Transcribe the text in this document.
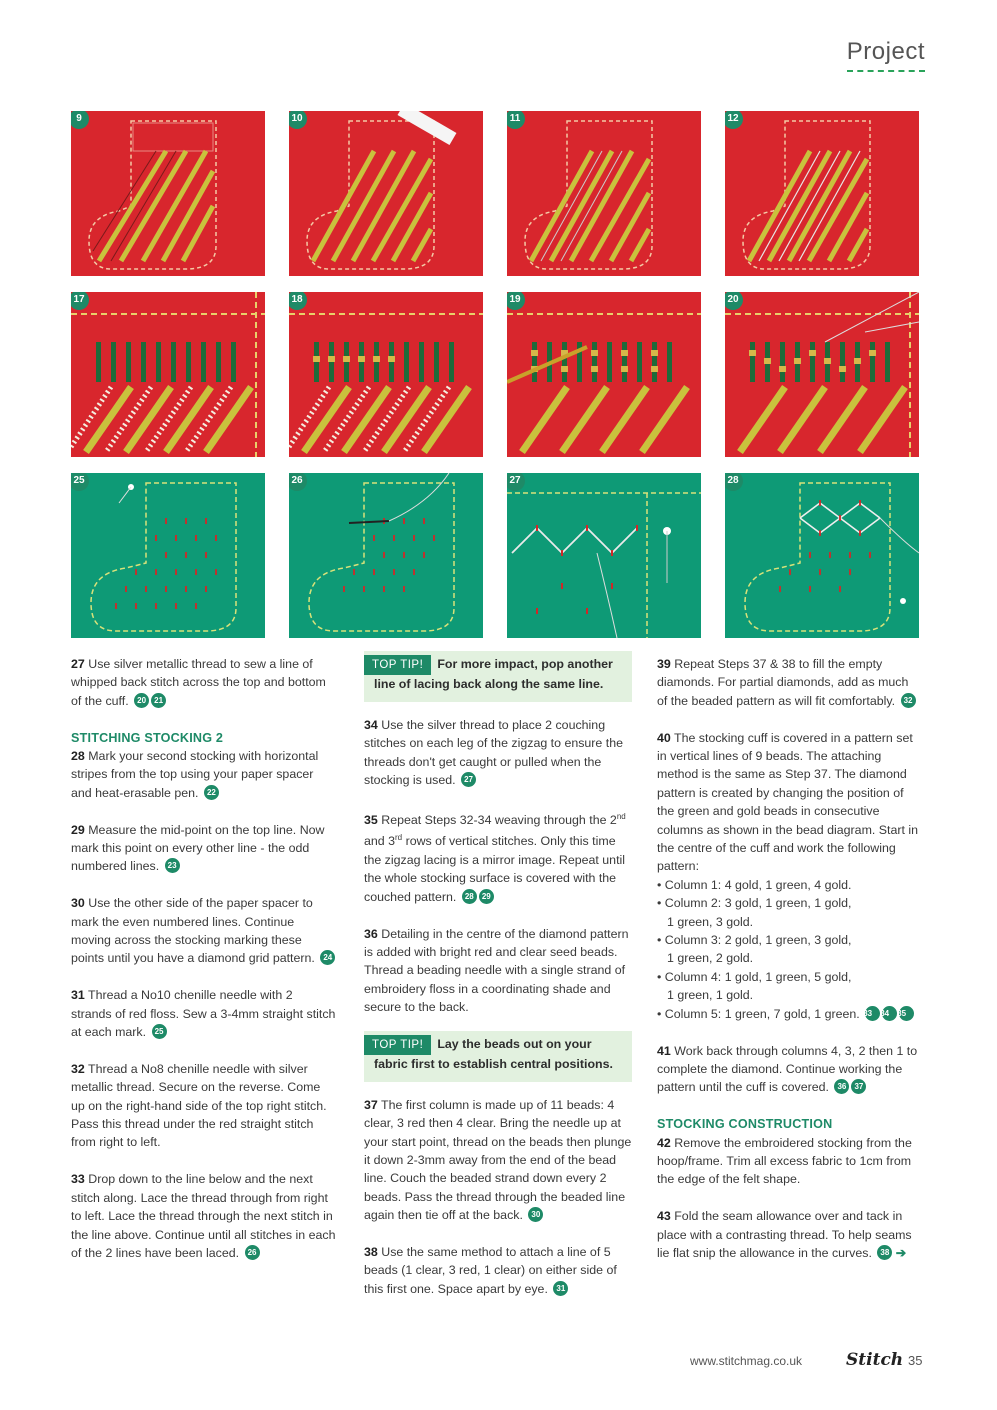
Project
9	10	11	12
17	18	19	20
25	26	27	28

27 Use silver metallic thread to sew a line of whipped back stitch across the top and bottom of the cuff. 20 21

STITCHING STOCKING 2

28 Mark your second stocking with horizontal stripes from the top using your paper spacer and heat-erasable pen. 22

29 Measure the mid-point on the top line. Now mark this point on every other line - the odd numbered lines. 23

30 Use the other side of the paper spacer to mark the even numbered lines. Continue moving across the stocking marking these points until you have a diamond grid pattern. 24

31 Thread a No10 chenille needle with 2 strands of red floss. Sew a 3-4mm straight stitch at each mark. 25

32 Thread a No8 chenille needle with silver metallic thread. Secure on the reverse. Come up on the right-hand side of the top right stitch. Pass this thread under the red straight stitch from right to left.

33 Drop down to the line below and the next stitch along. Lace the thread through from right to left. Lace the thread through the next stitch in the line above. Continue until all stitches in each of the 2 lines have been laced. 26

TOP TIP! For more impact, pop another line of lacing back along the same line.

34 Use the silver thread to place 2 couching stitches on each leg of the zigzag to ensure the threads don't get caught or pulled when the stocking is used. 27

35 Repeat Steps 32-34 weaving through the 2nd and 3rd rows of vertical stitches. Only this time the zigzag lacing is a mirror image. Repeat until the whole stocking surface is covered with the couched pattern. 28 29

36 Detailing in the centre of the diamond pattern is added with bright red and clear seed beads. Thread a beading needle with a single strand of embroidery floss in a coordinating shade and secure to the back.

TOP TIP! Lay the beads out on your fabric first to establish central positions.

37 The first column is made up of 11 beads: 4 clear, 3 red then 4 clear. Bring the needle up at your start point, thread on the beads then plunge it down 2-3mm away from the end of the bead line. Couch the beaded strand down every 2 beads. Pass the thread through the beaded line again then tie off at the back. 30

38 Use the same method to attach a line of 5 beads (1 clear, 3 red, 1 clear) on either side of this first one. Space apart by eye. 31

39 Repeat Steps 37 & 38 to fill the empty diamonds. For partial diamonds, add as much of the beaded pattern as will fit comfortably. 32

40 The stocking cuff is covered in a pattern set in vertical lines of 9 beads. The attaching method is the same as Step 37. The diamond pattern is created by changing the position of the green and gold beads in consecutive columns as shown in the bead diagram. Start in the centre of the cuff and work the following pattern:

• Column 1: 4 gold, 1 green, 4 gold.
• Column 2: 3 gold, 1 green, 1 gold,
1 green, 3 gold.
• Column 3: 2 gold, 1 green, 3 gold,
1 green, 2 gold.
• Column 4: 1 gold, 1 green, 5 gold,
1 green, 1 gold.
• Column 5: 1 green, 7 gold, 1 green. 33 34 35

41 Work back through columns 4, 3, 2 then 1 to complete the diamond. Continue working the pattern until the cuff is covered. 36 37

STOCKING CONSTRUCTION

42 Remove the embroidered stocking from the hoop/frame. Trim all excess fabric to 1cm from the edge of the felt shape.

43 Fold the seam allowance over and tack in place with a contrasting thread. To help seams lie flat snip the allowance in the curves. 38 ➔

www.stitchmag.co.uk	Stitch 35
